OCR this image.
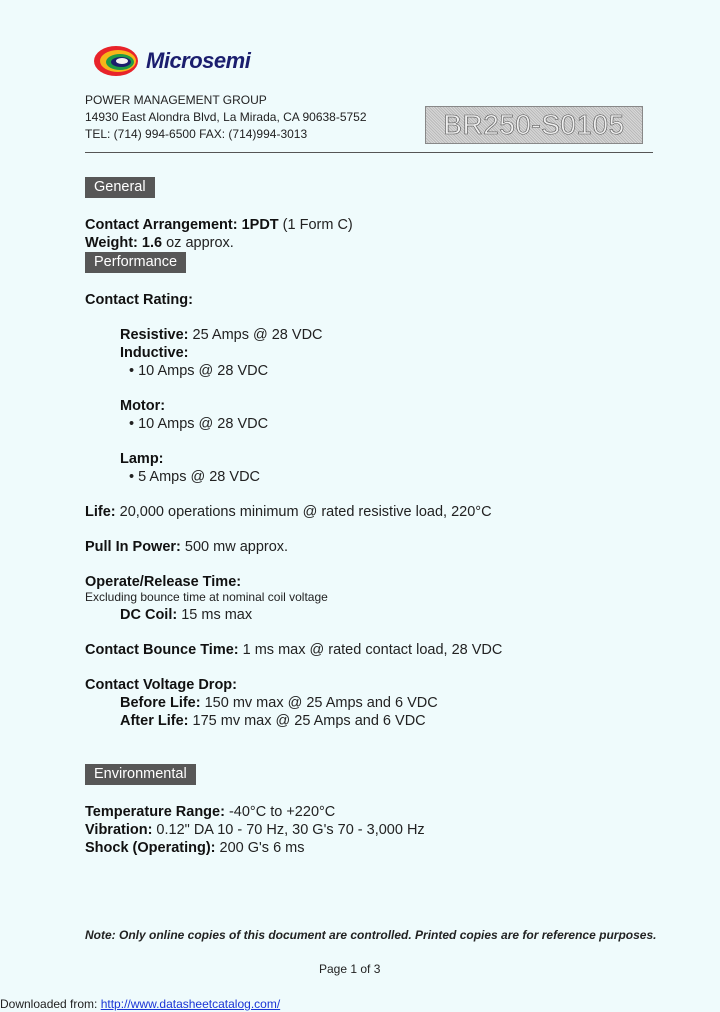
Microsemi
POWER MANAGEMENT GROUP
14930 East Alondra Blvd, La Mirada, CA 90638-5752
TEL: (714) 994-6500 FAX: (714)994-3013	BR250-S0105
General
Contact Arrangement: 1PDT (1 Form C)
Weight: 1.6 oz approx.
Performance
Contact Rating:
Resistive: 25 Amps @ 28 VDC
Inductive:
• 10 Amps @ 28 VDC
Motor:
• 10 Amps @ 28 VDC
Lamp:
• 5 Amps @ 28 VDC
Life: 20,000 operations minimum @ rated resistive load, 220°C
Pull In Power: 500 mw approx.
Operate/Release Time:
Excluding bounce time at nominal coil voltage
DC Coil: 15 ms max
Contact Bounce Time: 1 ms max @ rated contact load, 28 VDC
Contact Voltage Drop:
Before Life: 150 mv max @ 25 Amps and 6 VDC
After Life: 175 mv max @ 25 Amps and 6 VDC
Environmental
Temperature Range: -40°C to +220°C
Vibration: 0.12" DA 10 - 70 Hz, 30 G's 70 - 3,000 Hz
Shock (Operating): 200 G's 6 ms
Note: Only online copies of this document are controlled. Printed copies are for reference purposes.
Page 1 of 3
Downloaded from: http://www.datasheetcatalog.com/
